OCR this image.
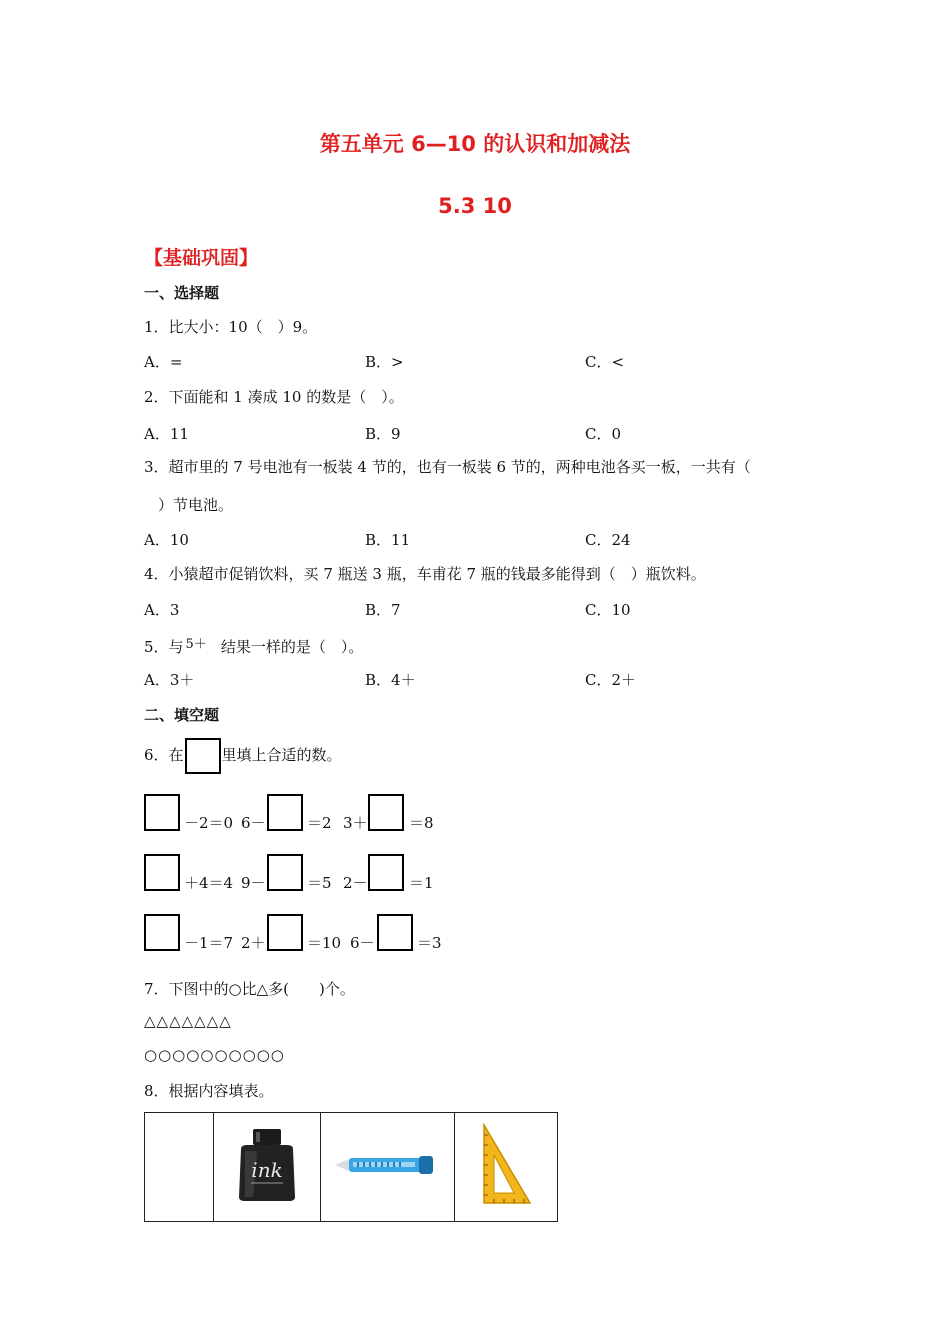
第五单元 6—10 的认识和加减法
5.3 10
【基础巩固】
一、选择题
1．比大小：10（　）9。
A．=	B．>	C．<
2．下面能和 1 凑成 10 的数是（　）。
A．11	B．9	C．0
3．超市里的 7 号电池有一板装 4 节的，也有一板装 6 节的，两种电池各买一板，一共有（
）节电池。
A．10	B．11	C．24
4．小猿超市促销饮料，买 7 瓶送 3 瓶，车甫花 7 瓶的钱最多能得到（　）瓶饮料。
A．3	B．7	C．10
5．与 5＋ 结果一样的是（　）。
A．3＋	B．4＋	C．2＋
二、填空题
6．在	里填上合适的数。
－2＝0 6－	＝2 3＋	＝8
＋4＝4 9－	＝5 2－	＝1
－1＝7 2＋	＝10 6－	＝3
7．下图中的○比△多(　　)个。
△△△△△△△
○○○○○○○○○○
8．根据内容填表。

ink
